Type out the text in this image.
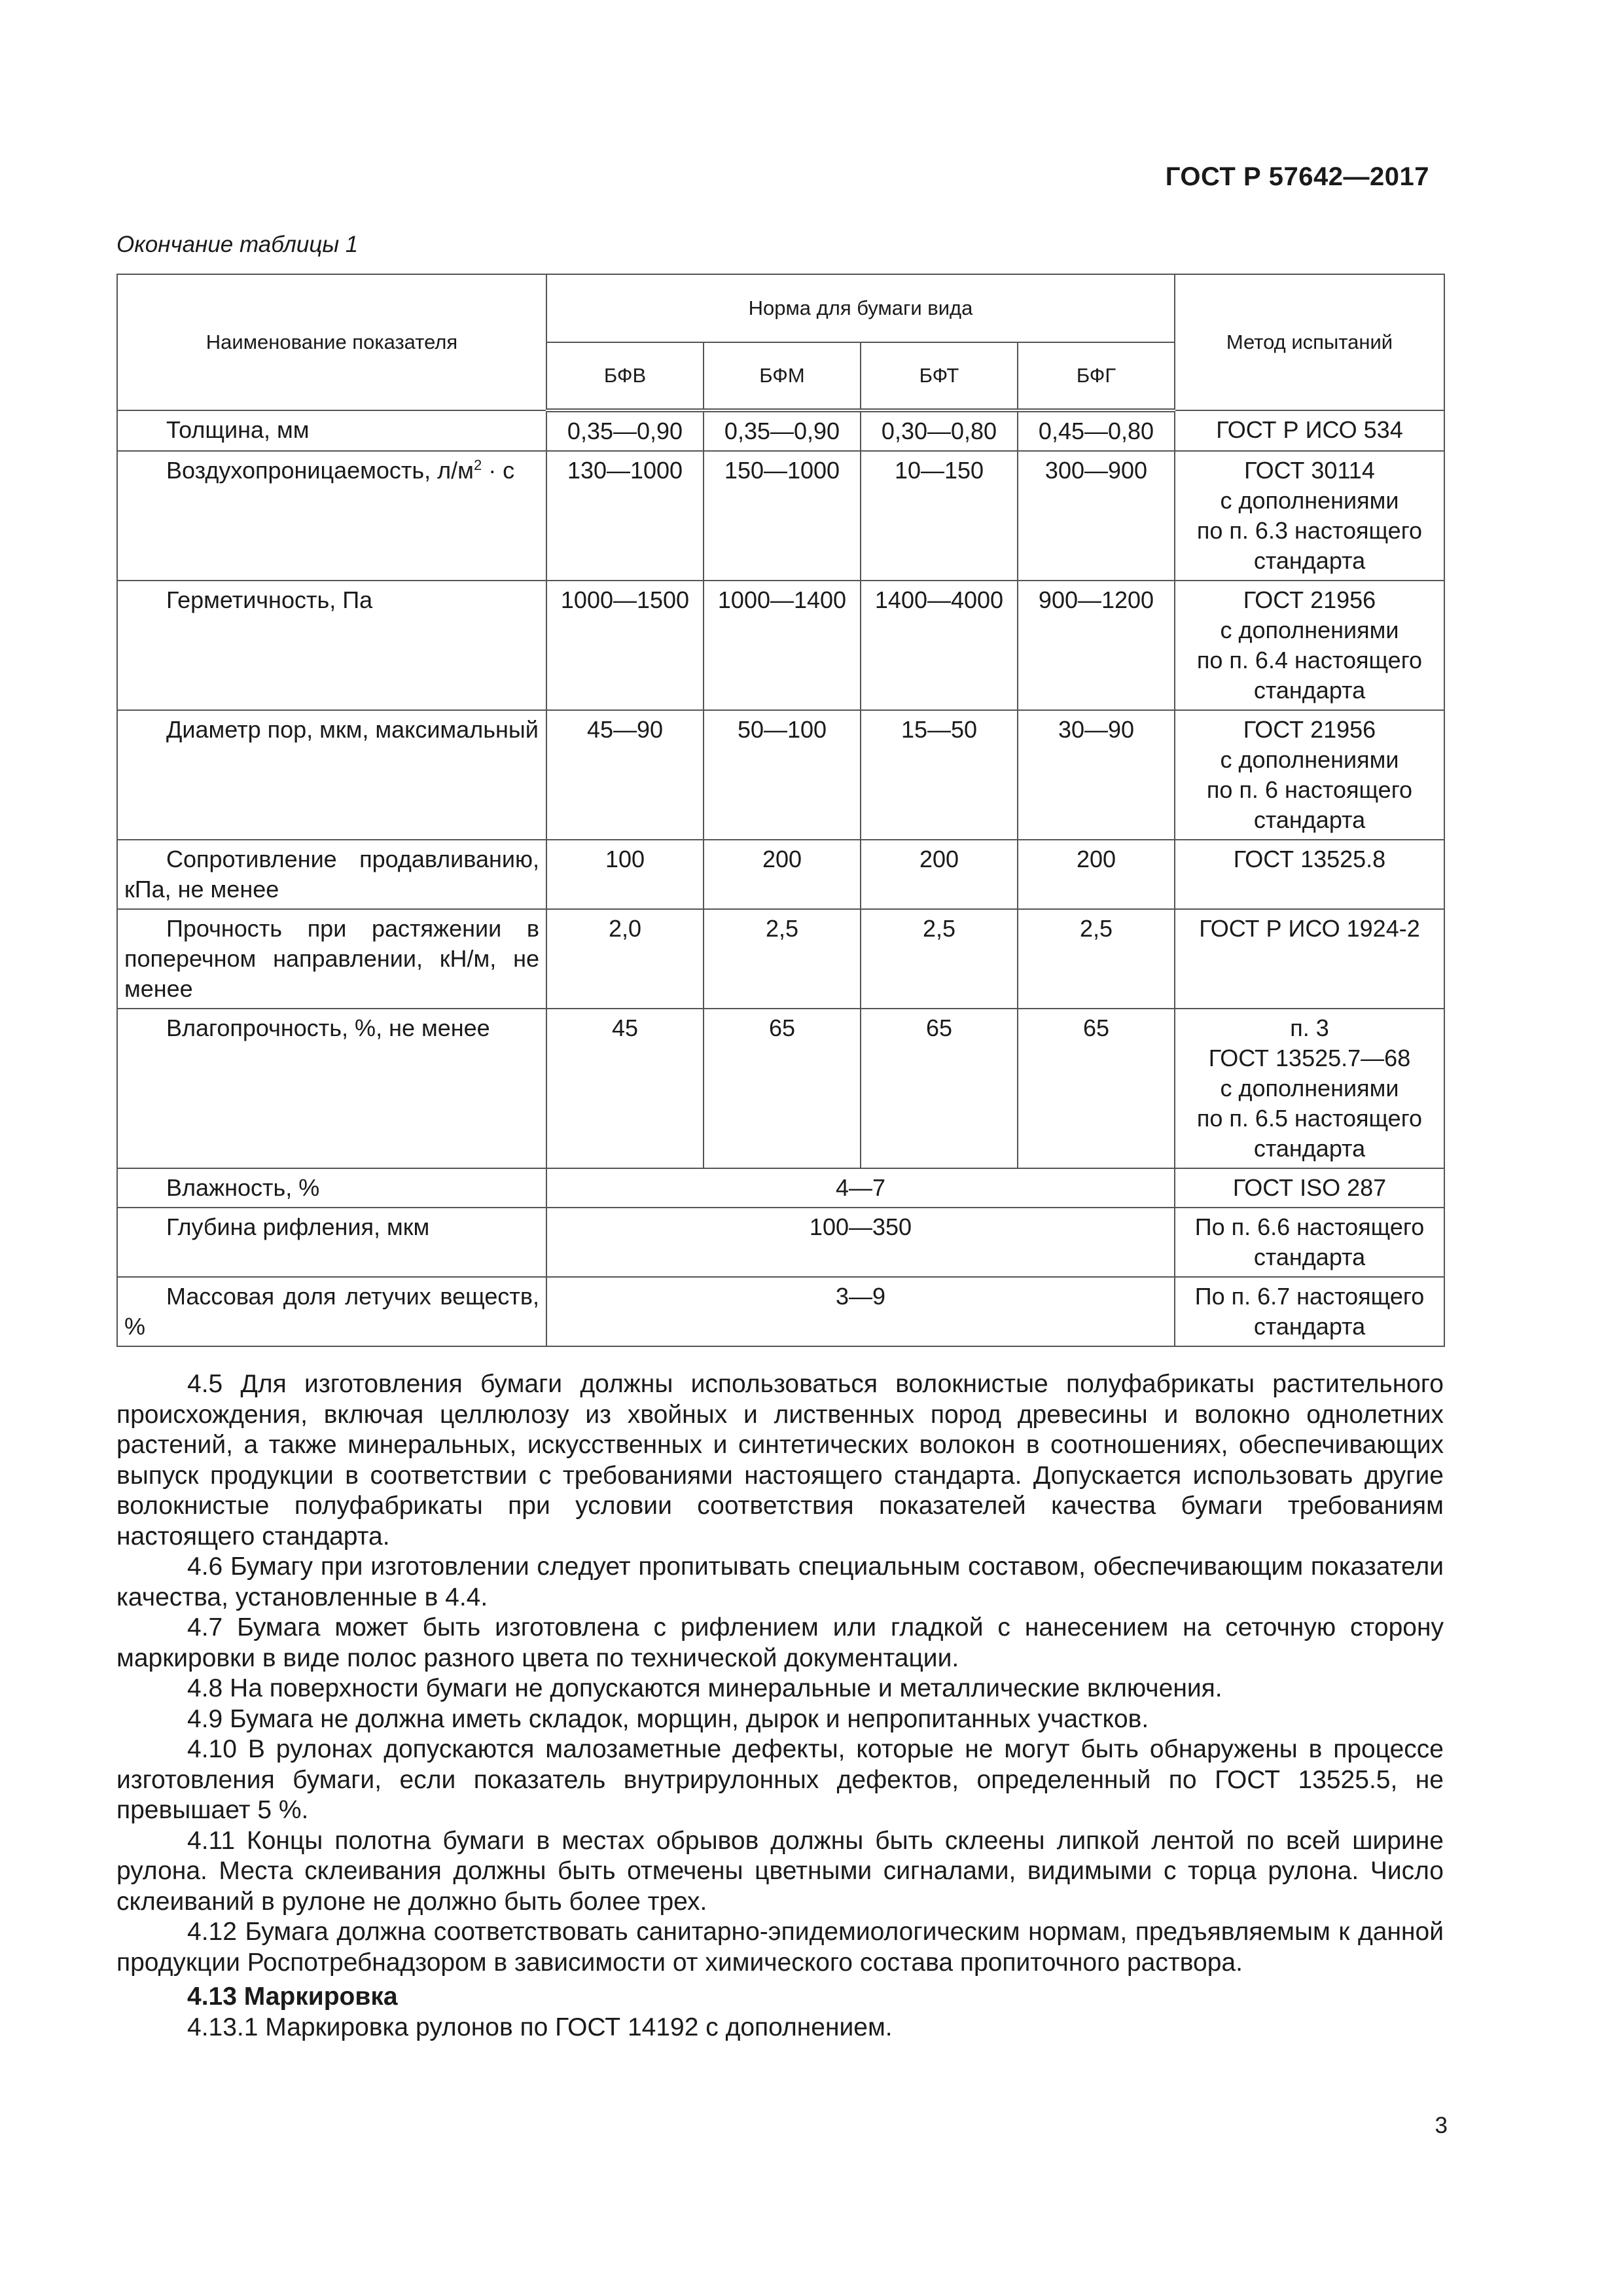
ГОСТ Р 57642—2017
Окончание таблицы 1
Наименование показателя	Норма для бумаги вида				Метод испытаний
	БФВ	БФМ	БФТ	БФГ	
Толщина, мм	0,35—0,90	0,35—0,90	0,30—0,80	0,45—0,80	ГОСТ Р ИСО 534

Воздухопроницаемость, $л/м^2 \cdot с$	130—1000	150—1000	10—150	300—900	ГОСТ 30114
с дополнениями
по п. 6.3 настоящего
стандарта

Герметичность, Па	1000—1500	1000—1400	1400—4000	900—1200	ГОСТ 21956
с дополнениями
по п. 6.4 настоящего
стандарта

Диаметр пор, мкм, максимальный	45—90	50—100	15—50	30—90	ГОСТ 21956
с дополнениями
по п. 6 настоящего
стандарта

Сопротивление продавливанию, кПа, не менее	100	200	200	200	ГОСТ 13525.8

Прочность при растяжении в поперечном направлении, кН/м, не менее	2,0	2,5	2,5	2,5	ГОСТ Р ИСО 1924-2

Влагопрочность, %, не менее	45	65	65	65	п. 3
ГОСТ 13525.7—68
с дополнениями
по п. 6.5 настоящего
стандарта

Влажность, %	4—7				ГОСТ ISO 287

Глубина рифления, мкм	100—350				По п. 6.6 настоящего
стандарта

Массовая доля летучих веществ, %	3—9				По п. 6.7 настоящего
стандарта

4.5 Для изготовления бумаги должны использоваться волокнистые полуфабрикаты растительного происхождения, включая целлюлозу из хвойных и лиственных пород древесины и волокно однолетних растений, а также минеральных, искусственных и синтетических волокон в соотношениях, обеспечивающих выпуск продукции в соответствии с требованиями настоящего стандарта. Допускается использовать другие волокнистые полуфабрикаты при условии соответствия показателей качества бумаги требованиям настоящего стандарта.

4.6 Бумагу при изготовлении следует пропитывать специальным составом, обеспечивающим показатели качества, установленные в 4.4.

4.7 Бумага может быть изготовлена с рифлением или гладкой с нанесением на сеточную сторону маркировки в виде полос разного цвета по технической документации.

4.8 На поверхности бумаги не допускаются минеральные и металлические включения.

4.9 Бумага не должна иметь складок, морщин, дырок и непропитанных участков.

4.10 В рулонах допускаются малозаметные дефекты, которые не могут быть обнаружены в процессе изготовления бумаги, если показатель внутрирулонных дефектов, определенный по ГОСТ 13525.5, не превышает 5 %.

4.11 Концы полотна бумаги в местах обрывов должны быть склеены липкой лентой по всей ширине рулона. Места склеивания должны быть отмечены цветными сигналами, видимыми с торца рулона. Число склеиваний в рулоне не должно быть более трех.

4.12 Бумага должна соответствовать санитарно-эпидемиологическим нормам, предъявляемым к данной продукции Роспотребнадзором в зависимости от химического состава пропиточного раствора.

4.13 Маркировка

4.13.1 Маркировка рулонов по ГОСТ 14192 с дополнением.

3
